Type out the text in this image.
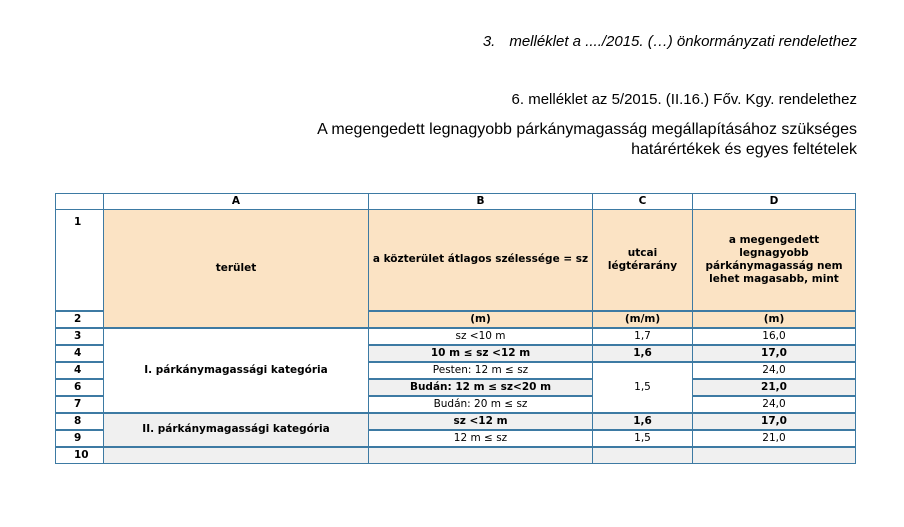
3. melléklet a ..../2015. (…) önkormányzati rendelethez
6. melléklet az 5/2015. (II.16.) Főv. Kgy. rendelethez
A megengedett legnagyobb párkánymagasság megállapításához szükséges
határértékek és egyes feltételek
	A	B	C	D
1	terület	a közterület átlagos szélessége = sz	utcai légtérarány	a megengedett legnagyobb párkánymagasság nem lehet magasabb, mint
2		(m)	(m/m)	(m)
3	I. párkánymagassági kategória	sz <10 m	1,7	16,0
4		10 m ≤ sz <12 m	1,6	17,0
4		Pesten: 12 m ≤ sz	1,5	24,0
6		Budán: 12 m ≤ sz<20 m		21,0
7		Budán: 20 m ≤ sz		24,0
8	II. párkánymagassági kategória	sz <12 m	1,6	17,0
9		12 m ≤ sz	1,5	21,0
10				
